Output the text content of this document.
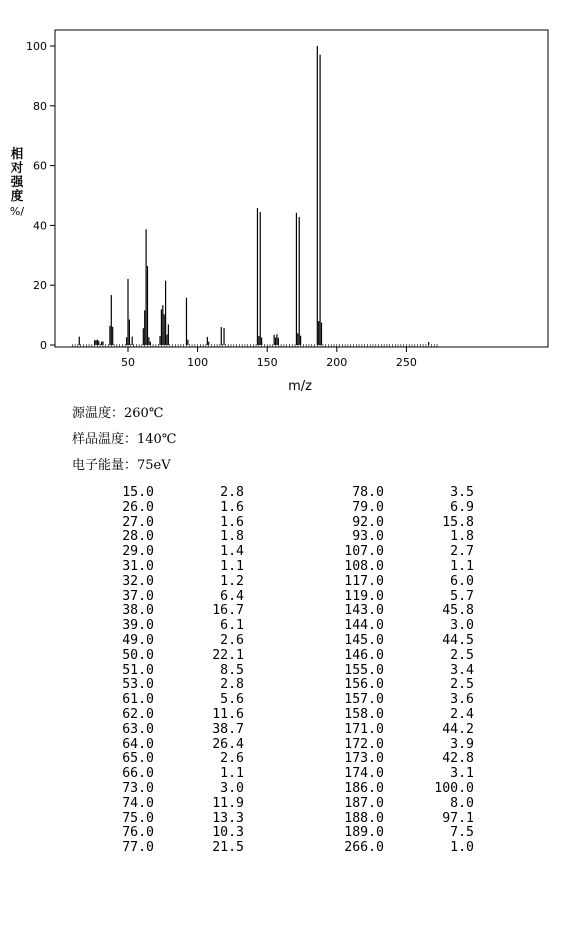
0
20
40
60
80
100
50	100	150	200	250
m/z
相对强度%/
源温度：260℃
样品温度：140℃
电子能量：75eV
15.0	2.8	78.0	3.5
26.0	1.6	79.0	6.9
27.0	1.6	92.0	15.8
28.0	1.8	93.0	1.8
29.0	1.4	107.0	2.7
31.0	1.1	108.0	1.1
32.0	1.2	117.0	6.0
37.0	6.4	119.0	5.7
38.0	16.7	143.0	45.8
39.0	6.1	144.0	3.0
49.0	2.6	145.0	44.5
50.0	22.1	146.0	2.5
51.0	8.5	155.0	3.4
53.0	2.8	156.0	2.5
61.0	5.6	157.0	3.6
62.0	11.6	158.0	2.4
63.0	38.7	171.0	44.2
64.0	26.4	172.0	3.9
65.0	2.6	173.0	42.8
66.0	1.1	174.0	3.1
73.0	3.0	186.0	100.0
74.0	11.9	187.0	8.0
75.0	13.3	188.0	97.1
76.0	10.3	189.0	7.5
77.0	21.5	266.0	1.0
